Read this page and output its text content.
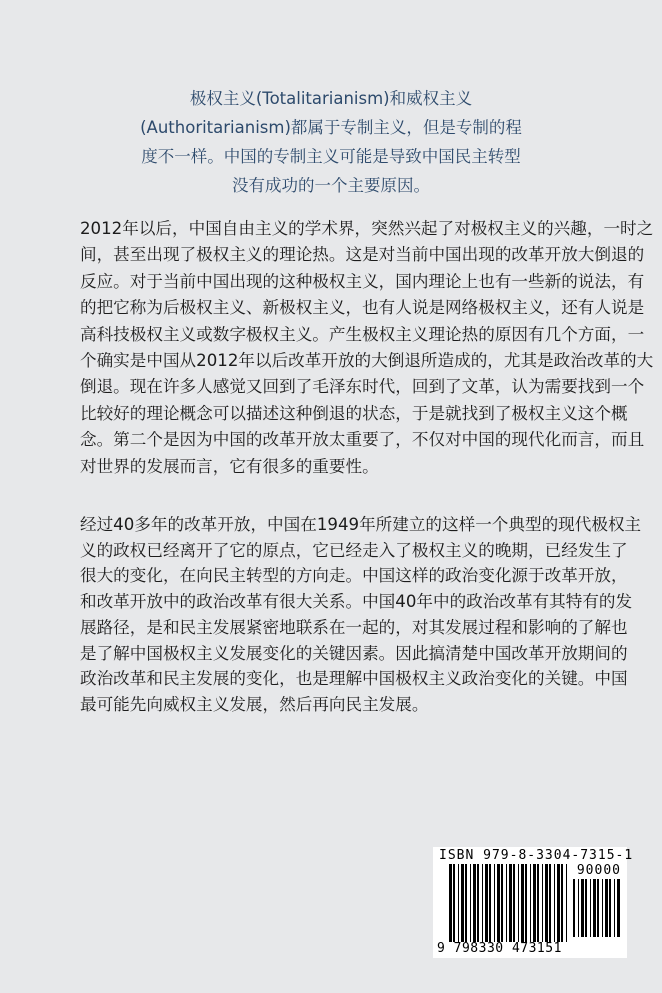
极权主义(Totalitarianism)和威权主义
(Authoritarianism)都属于专制主义，但是专制的程
度不一样。中国的专制主义可能是导致中国民主转型
没有成功的一个主要原因。
2012年以后，中国自由主义的学术界，突然兴起了对极权主义的兴趣，一时之
间，甚至出现了极权主义的理论热。这是对当前中国出现的改革开放大倒退的
反应。对于当前中国出现的这种极权主义，国内理论上也有一些新的说法，有
的把它称为后极权主义、新极权主义，也有人说是网络极权主义，还有人说是
高科技极权主义或数字极权主义。产生极权主义理论热的原因有几个方面，一
个确实是中国从2012年以后改革开放的大倒退所造成的，尤其是政治改革的大
倒退。现在许多人感觉又回到了毛泽东时代，回到了文革，认为需要找到一个
比较好的理论概念可以描述这种倒退的状态，于是就找到了极权主义这个概
念。第二个是因为中国的改革开放太重要了，不仅对中国的现代化而言，而且
对世界的发展而言，它有很多的重要性。
经过40多年的改革开放，中国在1949年所建立的这样一个典型的现代极权主
义的政权已经离开了它的原点，它已经走入了极权主义的晚期，已经发生了
很大的变化，在向民主转型的方向走。中国这样的政治变化源于改革开放，
和改革开放中的政治改革有很大关系。中国40年中的政治改革有其特有的发
展路径，是和民主发展紧密地联系在一起的，对其发展过程和影响的了解也
是了解中国极权主义发展变化的关键因素。因此搞清楚中国改革开放期间的
政治改革和民主发展的变化，也是理解中国极权主义政治变化的关键。中国
最可能先向威权主义发展，然后再向民主发展。
ISBN 979-8-3304-7315-1
90000
9 798330 473151
